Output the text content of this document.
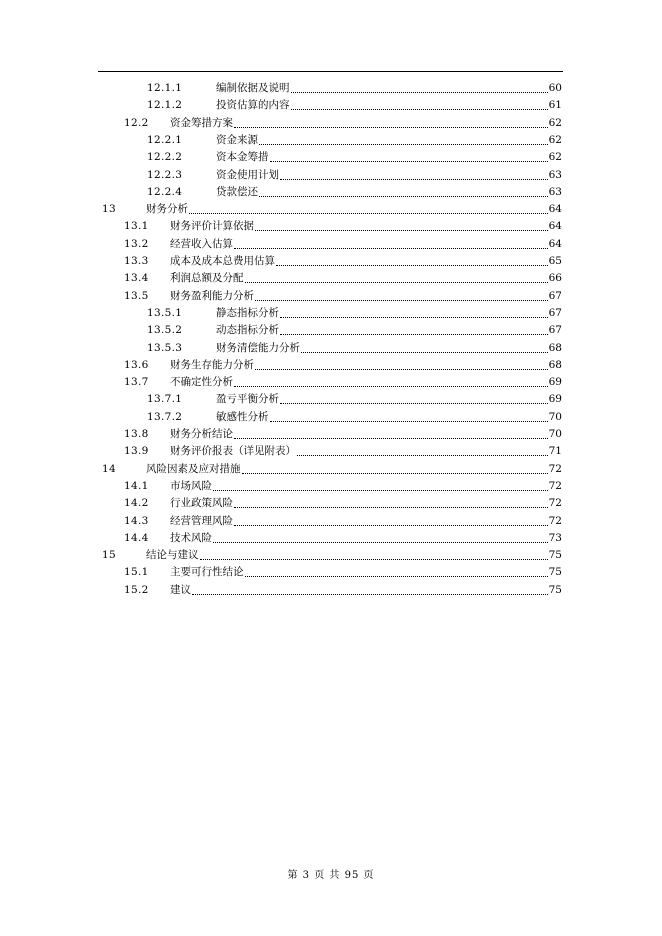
12.1.1	编制依据及说明	60
12.1.2	投资估算的内容	61
12.2	资金筹措方案	62
12.2.1	资金来源	62
12.2.2	资本金筹措	62
12.2.3	资金使用计划	63
12.2.4	贷款偿还	63
13	财务分析	64
13.1	财务评价计算依据	64
13.2	经营收入估算	64
13.3	成本及成本总费用估算	65
13.4	利润总额及分配	66
13.5	财务盈利能力分析	67
13.5.1	静态指标分析	67
13.5.2	动态指标分析	67
13.5.3	财务清偿能力分析	68
13.6	财务生存能力分析	68
13.7	不确定性分析	69
13.7.1	盈亏平衡分析	69
13.7.2	敏感性分析	70
13.8	财务分析结论	70
13.9	财务评价报表（详见附表）	71
14	风险因素及应对措施	72
14.1	市场风险	72
14.2	行业政策风险	72
14.3	经营管理风险	72
14.4	技术风险	73
15	结论与建议	75
15.1	主要可行性结论	75
15.2	建议	75
第 3 页 共 95 页
